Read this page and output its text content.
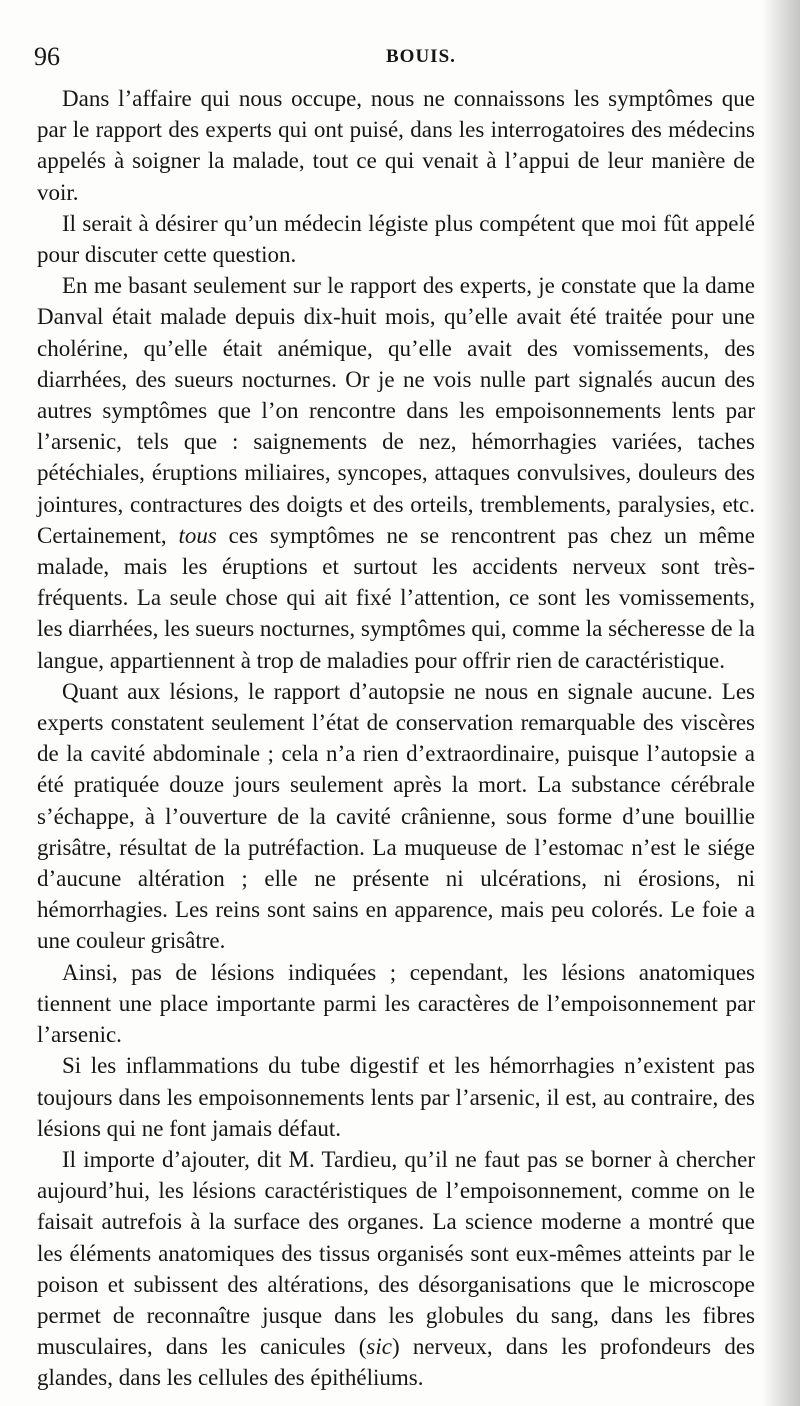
96	BOUIS.

Dans l’affaire qui nous occupe, nous ne connaissons les symptômes que par le rapport des experts qui ont puisé, dans les interrogatoires des médecins appelés à soigner la malade, tout ce qui venait à l’appui de leur manière de voir.

Il serait à désirer qu’un médecin légiste plus compétent que moi fût appelé pour discuter cette question.

En me basant seulement sur le rapport des experts, je constate que la dame Danval était malade depuis dix-huit mois, qu’elle avait été traitée pour une cholérine, qu’elle était anémique, qu’elle avait des vomissements, des diarrhées, des sueurs nocturnes. Or je ne vois nulle part signalés aucun des autres symptômes que l’on rencontre dans les empoisonnements lents par l’arsenic, tels que : saignements de nez, hémorrhagies variées, taches pétéchiales, éruptions miliaires, syncopes, attaques convulsives, douleurs des jointures, contractures des doigts et des orteils, tremblements, paralysies, etc. Certainement, tous ces symptômes ne se rencontrent pas chez un même malade, mais les éruptions et surtout les accidents nerveux sont très-fréquents. La seule chose qui ait fixé l’attention, ce sont les vomissements, les diarrhées, les sueurs nocturnes, symptômes qui, comme la sécheresse de la langue, appartiennent à trop de maladies pour offrir rien de caractéristique.

Quant aux lésions, le rapport d’autopsie ne nous en signale aucune. Les experts constatent seulement l’état de conservation remarquable des viscères de la cavité abdominale ; cela n’a rien d’extraordinaire, puisque l’autopsie a été pratiquée douze jours seulement après la mort. La substance cérébrale s’échappe, à l’ouverture de la cavité crânienne, sous forme d’une bouillie grisâtre, résultat de la putréfaction. La muqueuse de l’estomac n’est le siége d’aucune altération ; elle ne présente ni ulcérations, ni érosions, ni hémorrhagies. Les reins sont sains en apparence, mais peu colorés. Le foie a une couleur grisâtre.

Ainsi, pas de lésions indiquées ; cependant, les lésions anatomiques tiennent une place importante parmi les caractères de l’empoisonnement par l’arsenic.

Si les inflammations du tube digestif et les hémorrhagies n’existent pas toujours dans les empoisonnements lents par l’arsenic, il est, au contraire, des lésions qui ne font jamais défaut.

Il importe d’ajouter, dit M. Tardieu, qu’il ne faut pas se borner à chercher aujourd’hui, les lésions caractéristiques de l’empoisonnement, comme on le faisait autrefois à la surface des organes. La science moderne a montré que les éléments anatomiques des tissus organisés sont eux-mêmes atteints par le poison et subissent des altérations, des désorganisations que le microscope permet de reconnaître jusque dans les globules du sang, dans les fibres musculaires, dans les canicules (sic) nerveux, dans les profondeurs des glandes, dans les cellules des épithéliums.
